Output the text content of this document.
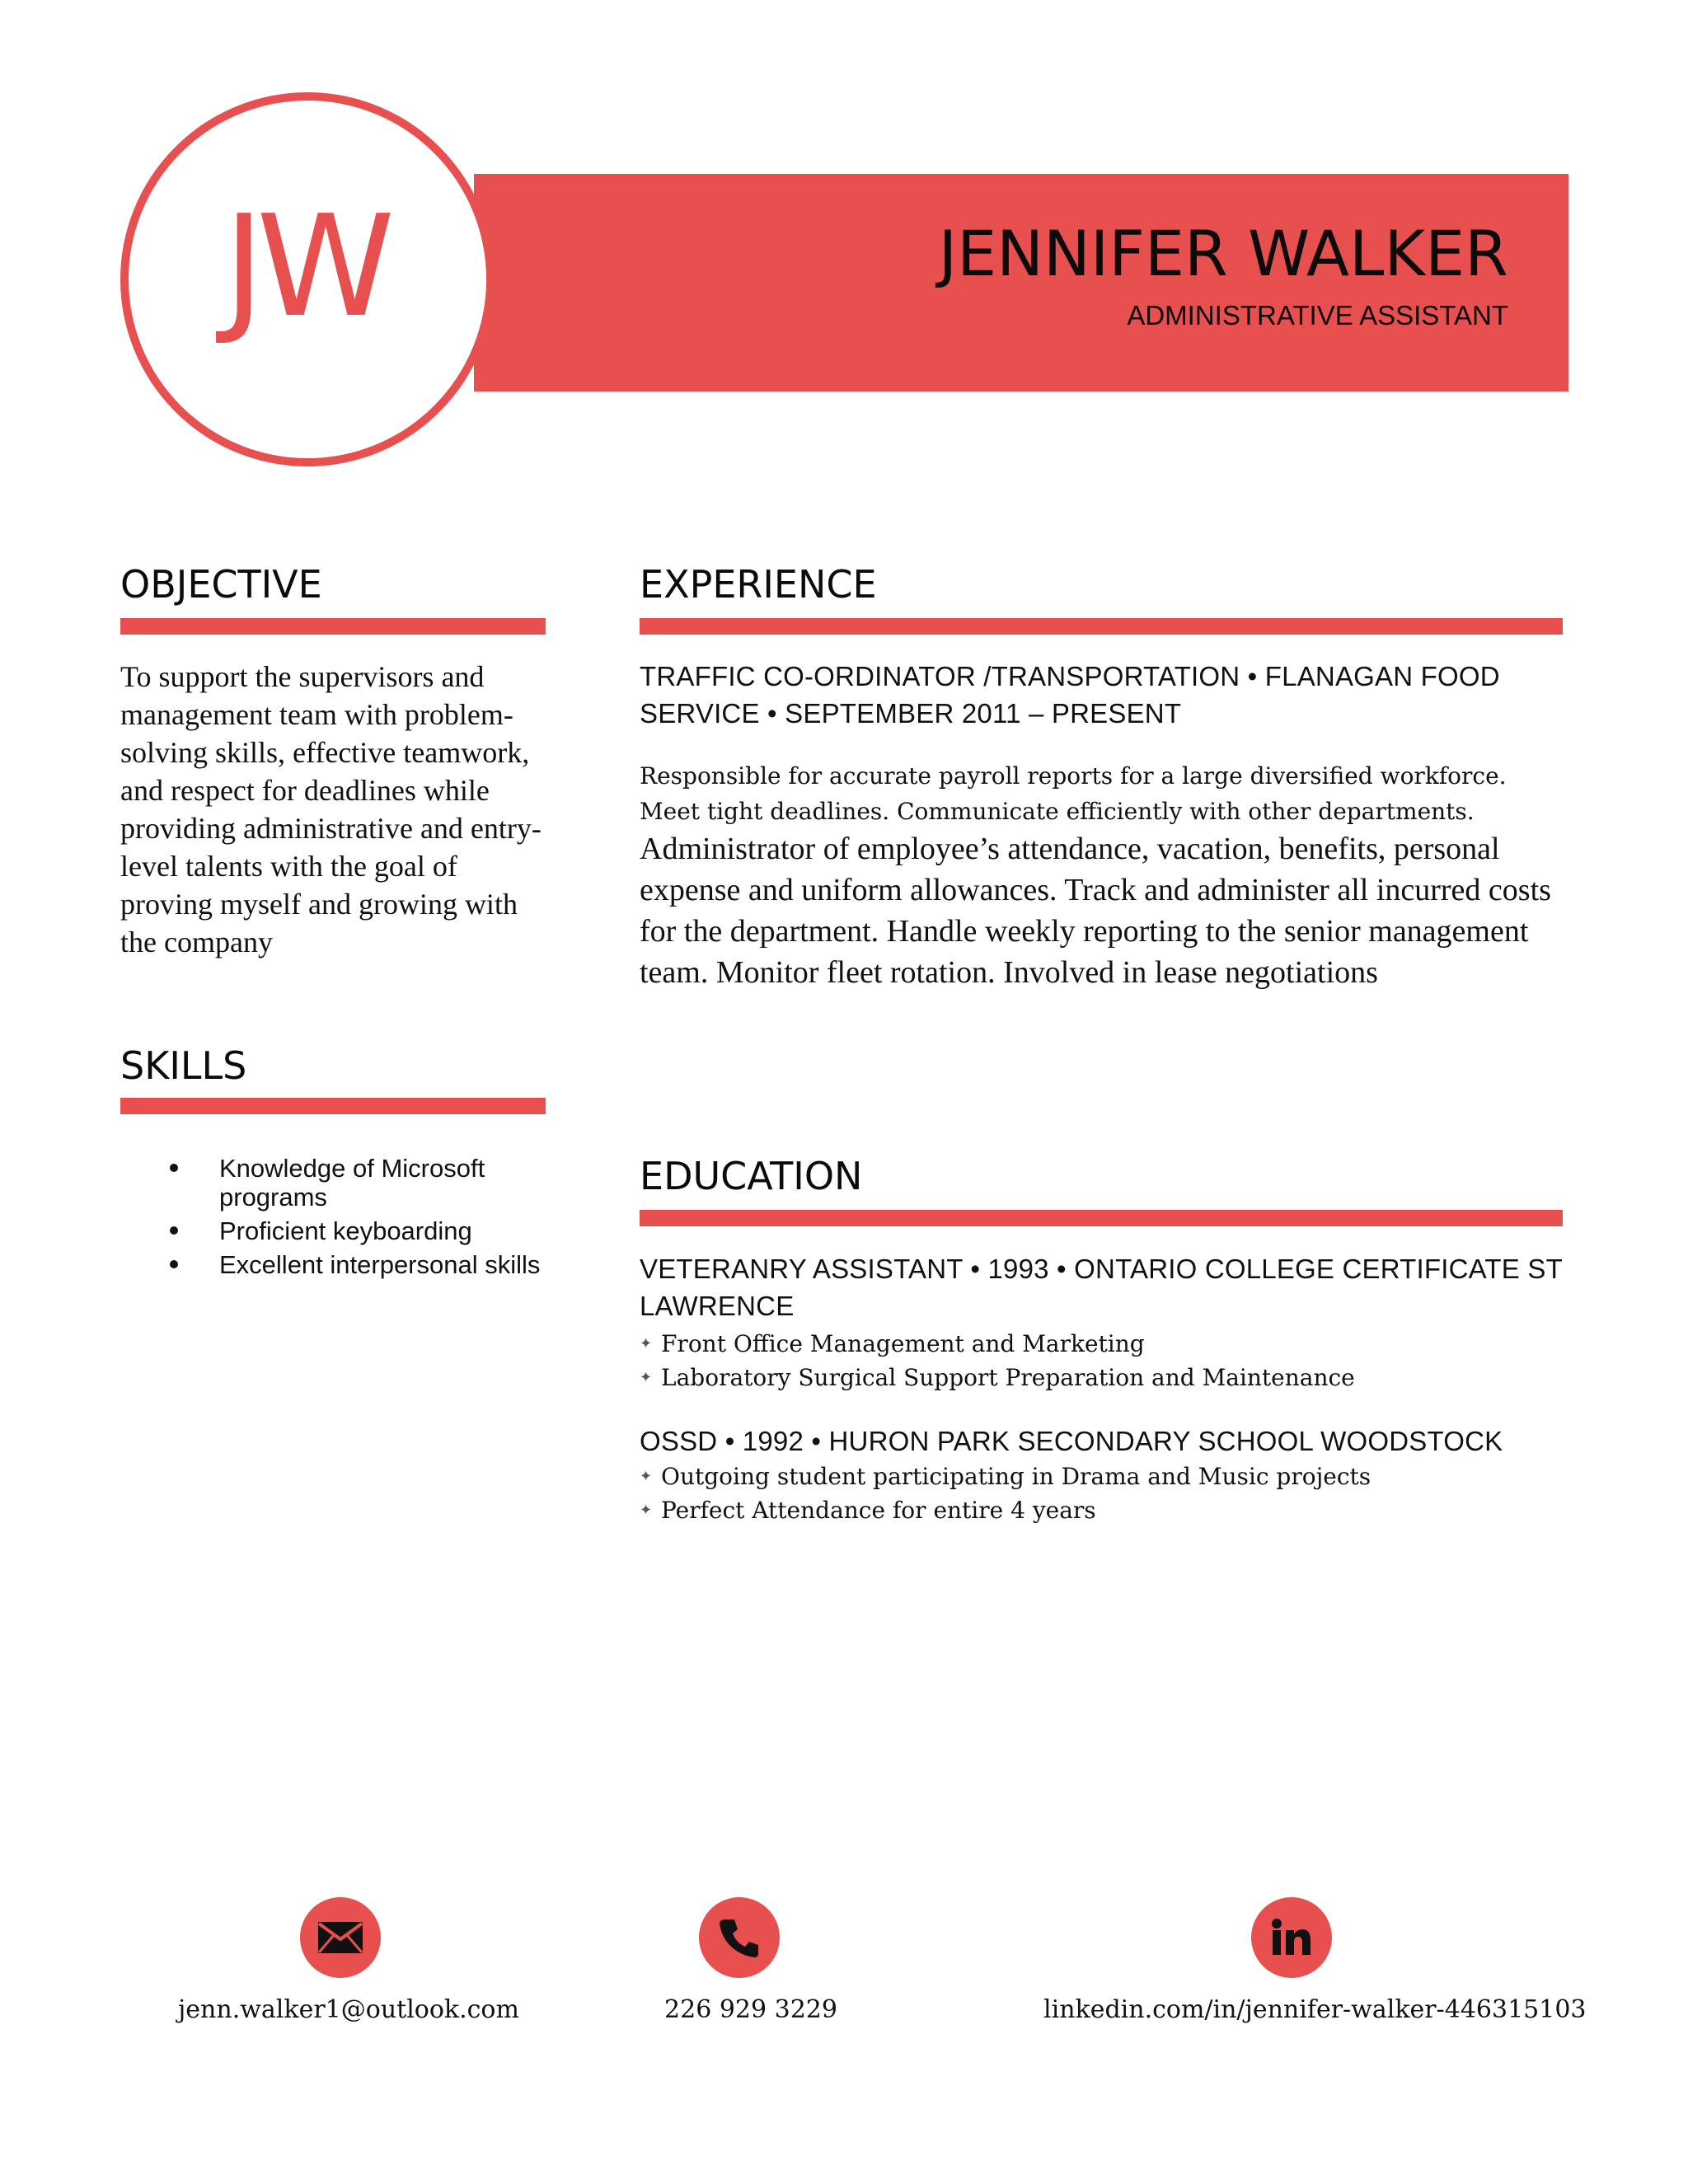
JW	JENNIFER WALKER
ADMINISTRATIVE ASSISTANT
OBJECTIVE
To support the supervisors and management team with problem-solving skills, effective teamwork, and respect for deadlines while providing administrative and entry-level talents with the goal of proving myself and growing with the company
SKILLS
Knowledge of Microsoft programs
Proficient keyboarding
Excellent interpersonal skills
EXPERIENCE
TRAFFIC CO-ORDINATOR /TRANSPORTATION • FLANAGAN FOOD SERVICE • SEPTEMBER 2011 – PRESENT
Responsible for accurate payroll reports for a large diversified workforce. Meet tight deadlines. Communicate efficiently with other departments.
Administrator of employee’s attendance, vacation, benefits, personal expense and uniform allowances. Track and administer all incurred costs for the department. Handle weekly reporting to the senior management team. Monitor fleet rotation. Involved in lease negotiations
EDUCATION
VETERANRY ASSISTANT • 1993 • ONTARIO COLLEGE CERTIFICATE ST LAWRENCE
✦ Front Office Management and Marketing
✦ Laboratory Surgical Support Preparation and Maintenance
OSSD • 1992 • HURON PARK SECONDARY SCHOOL WOODSTOCK
✦ Outgoing student participating in Drama and Music projects
✦ Perfect Attendance for entire 4 years
jenn.walker1@outlook.com	226 929 3229	linkedin.com/in/jennifer-walker-446315103
